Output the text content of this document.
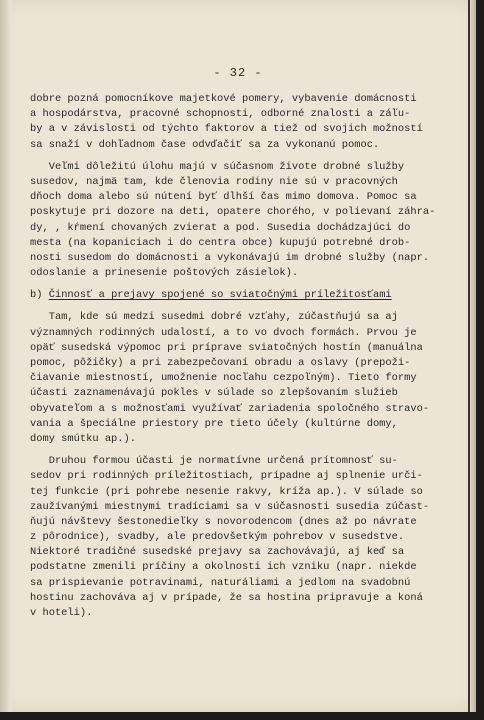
- 32 -
dobre pozná pomocníkove majetkové pomery, vybavenie domácnosti
a hospodárstva, pracovné schopnosti, odborné znalosti a záľu-
by a v závislosti od týchto faktorov a tiež od svojich možností
sa snaží v dohľadnom čase odvďačiť sa za vykonanú pomoc.
Veľmi dôležitú úlohu majú v súčasnom živote drobné služby
susedov, najmä tam, kde členovia rodiny nie sú v pracovných
dňoch doma alebo sú nútení byť dlhší čas mimo domova. Pomoc sa
poskytuje pri dozore na deti, opatere chorého, v polievaní záhra-
dy, , kŕmení chovaných zvierat a pod. Susedia dochádzajúci do
mesta (na kopaniciach i do centra obce) kupujú potrebné drob-
nosti susedom do domácnosti a vykonávajú im drobné služby (napr.
odoslanie a prinesenie poštových zásielok).
b) Činnosť a prejavy spojené so sviatočnými príležitosťami
Tam, kde sú medzi susedmi dobré vzťahy, zúčastňujú sa aj
významných rodinných udalostí, a to vo dvoch formách. Prvou je
opäť susedská výpomoc pri príprave sviatočných hostín (manuálna
pomoc, pôžičky) a pri zabezpečovaní obradu a oslavy (prepoži-
čiavanie miestností, umožnenie nocľahu cezpoľným). Tieto formy
účasti zaznamenávajú pokles v súlade so zlepšovaním služieb
obyvateľom a s možnosťami využívať zariadenia spoločného stravo-
vania a špeciálne priestory pre tieto účely (kultúrne domy,
domy smútku ap.).
Druhou formou účasti je normatívne určená prítomnosť su-
sedov pri rodinných príležitostiach, prípadne aj splnenie urči-
tej funkcie (pri pohrebe nesenie rakvy, kríža ap.). V súlade so
zaužívanými miestnymi tradíciami sa v súčasnosti susedia zúčast-
ňujú návštevy šestonedieľky s novorodencom (dnes až po návrate
z pôrodnice), svadby, ale predovšetkým pohrebov v susedstve.
Niektoré tradičné susedské prejavy sa zachovávajú, aj keď sa
podstatne zmenili príčiny a okolnosti ich vzniku (napr. niekde
sa prispievanie potravinami, naturáliami a jedlom na svadobnú
hostinu zachováva aj v prípade, že sa hostina pripravuje a koná
v hoteli).
